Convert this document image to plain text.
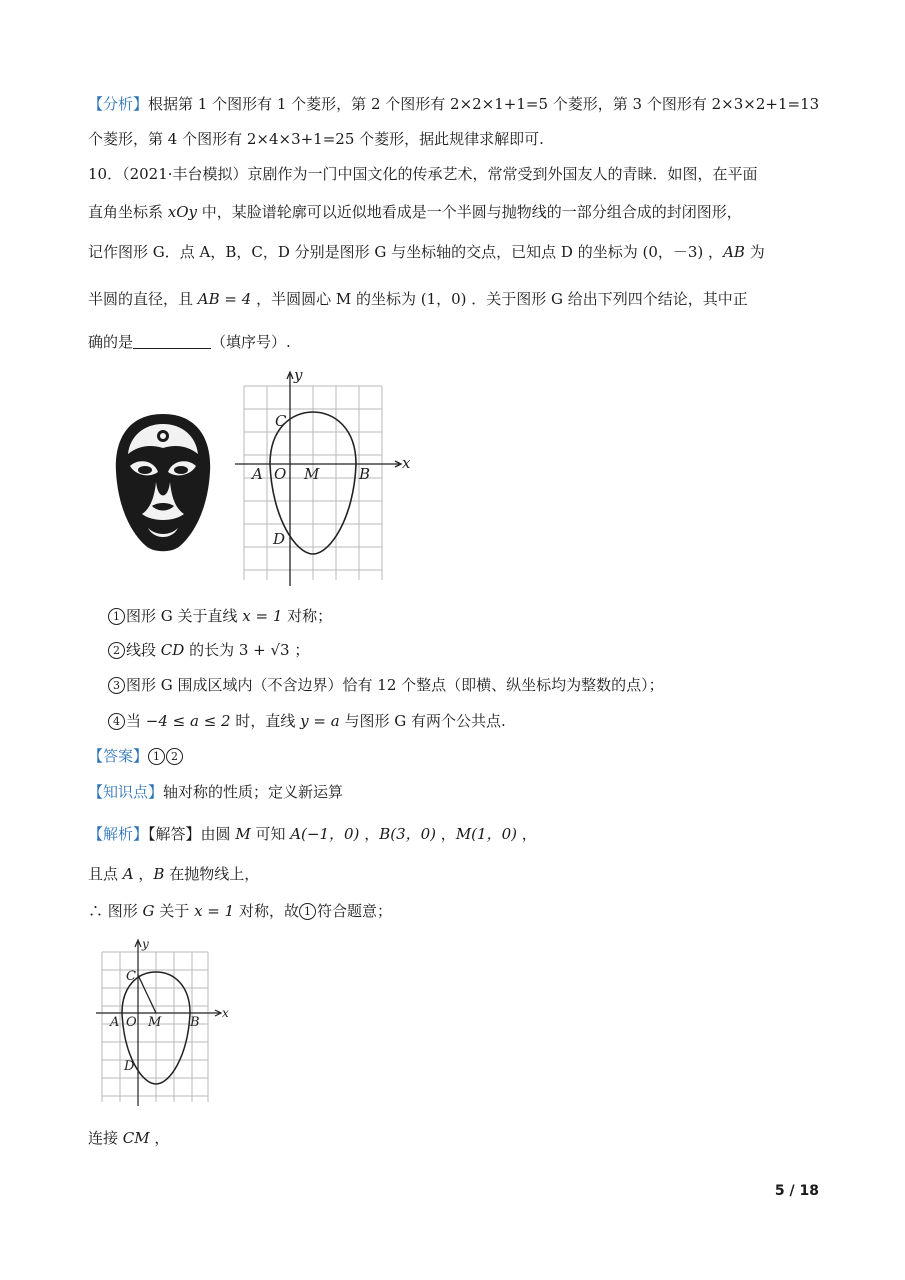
【分析】根据第 1 个图形有 1 个菱形，第 2 个图形有 2×2×1+1=5 个菱形，第 3 个图形有 2×3×2+1=13
个菱形，第 4 个图形有 2×4×3+1=25 个菱形，据此规律求解即可.
10．（2021·丰台模拟）京剧作为一门中国文化的传承艺术，常常受到外国友人的青睐．如图，在平面
直角坐标系 xOy 中，某脸谱轮廓可以近似地看成是一个半圆与抛物线的一部分组合成的封闭图形，
记作图形 G．点 A，B，C，D 分别是图形 G 与坐标轴的交点，已知点 D 的坐标为 (0，－3) ，AB 为
半圆的直径，且 AB = 4 ，半圆圆心 M 的坐标为 (1，0) ．关于图形 G 给出下列四个结论，其中正
确的是	（填序号）.
y
x
A O M	B
C
D
1 图形 G 关于直线 x = 1 对称；
2 线段 CD 的长为 3 + √3 ；
3 图形 G 围成区域内（不含边界）恰有 12 个整点（即横、纵坐标均为整数的点）；
4 当 −4 ≤ a ≤ 2 时，直线 y = a 与图形 G 有两个公共点.
【答案】 1 2
【知识点】轴对称的性质；定义新运算
【解析】【解答】由圆 M 可知 A(−1，0) ，B(3，0) ，M(1，0) ，
且点 A ，B 在抛物线上，
∴ 图形 G 关于 x = 1 对称，故 1 符合题意；
y
x
A O M B
C
D
连接 CM ，
5 / 18
